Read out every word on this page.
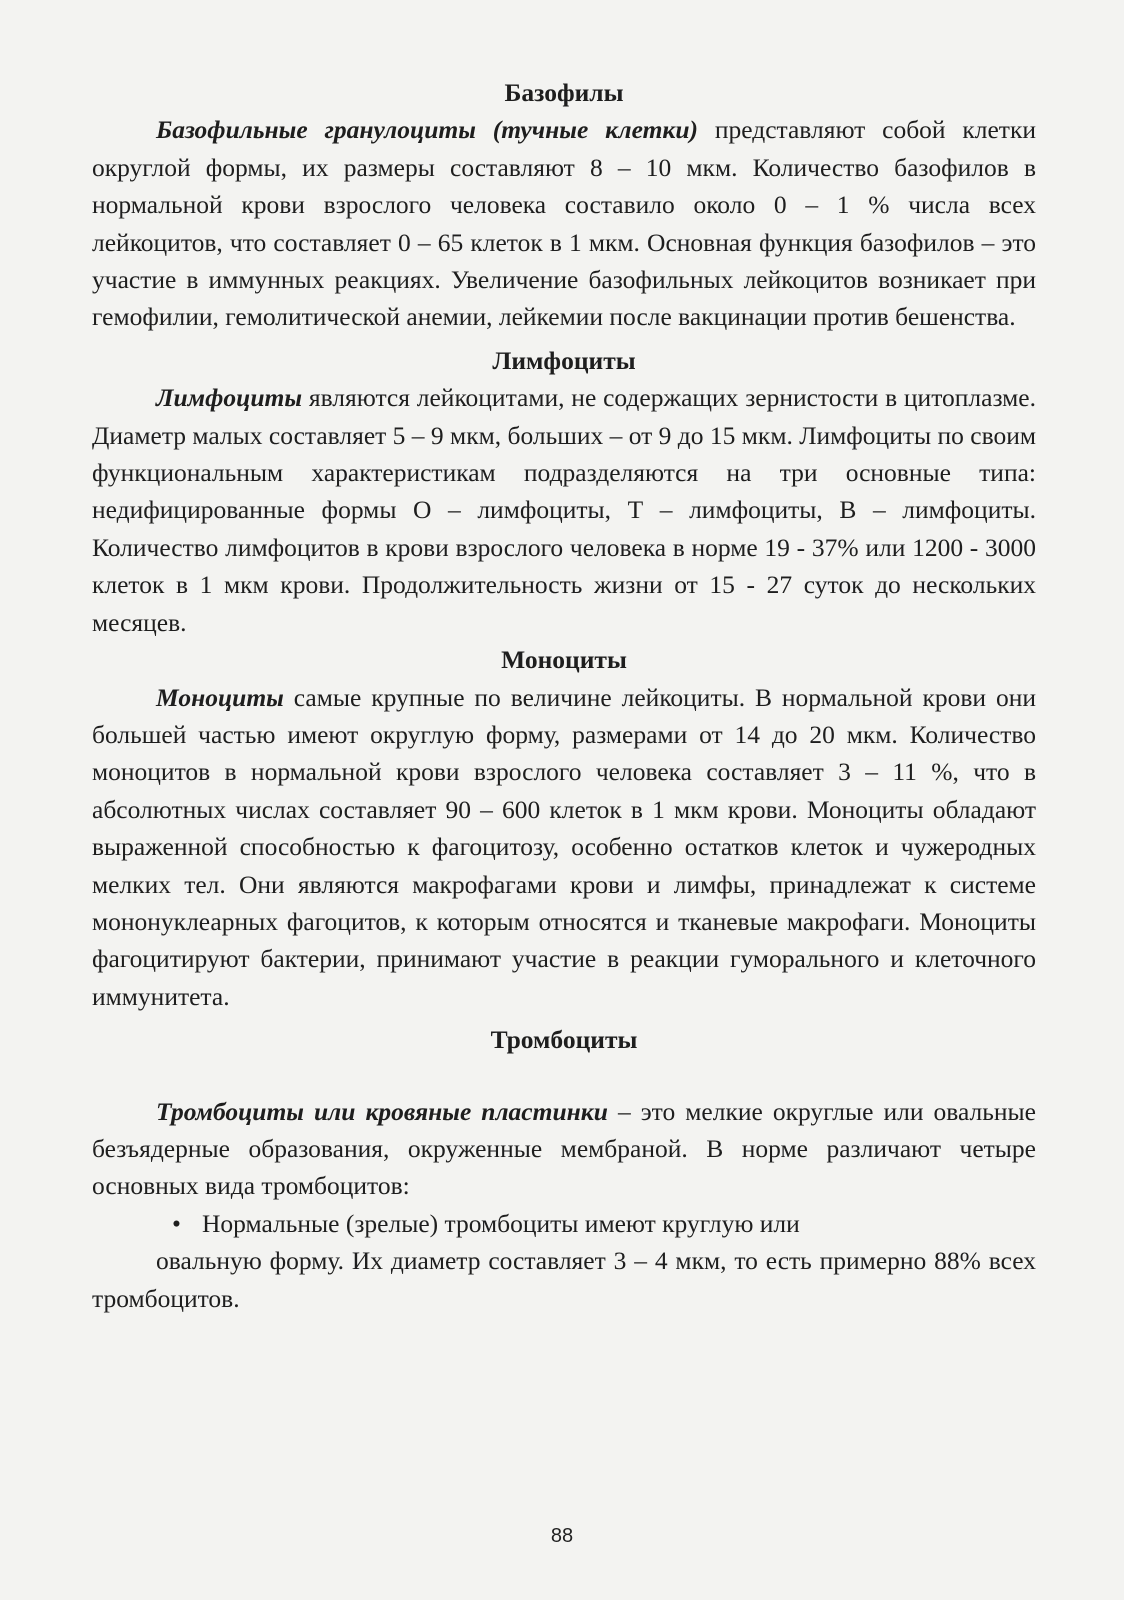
Базофилы

Базофильные гранулоциты (тучные клетки) представляют собой клетки округлой формы, их размеры составляют 8 – 10 мкм. Количество базофилов в нормальной крови взрослого человека составило около 0 – 1 % числа всех лейкоцитов, что составляет 0 – 65 клеток в 1 мкм. Основная функция базофилов – это участие в иммунных реакциях. Увеличение базофильных лейкоцитов возникает при гемофилии, гемолитической анемии, лейкемии после вакцинации против бешенства.

Лимфоциты

Лимфоциты являются лейкоцитами, не содержащих зернистости в цитоплазме. Диаметр малых составляет 5 – 9 мкм, больших – от 9 до 15 мкм. Лимфоциты по своим функциональным характеристикам подразделяются на три основные типа: недифицированные формы О – лимфоциты, Т – лимфоциты, В – лимфоциты. Количество лимфоцитов в крови взрослого человека в норме 19 - 37% или 1200 - 3000 клеток в 1 мкм крови. Продолжительность жизни от 15 - 27 суток до нескольких месяцев.

Моноциты

Моноциты самые крупные по величине лейкоциты. В нормальной крови они большей частью имеют округлую форму, размерами от 14 до 20 мкм. Количество моноцитов в нормальной крови взрослого человека составляет 3 – 11 %, что в абсолютных числах составляет 90 – 600 клеток в 1 мкм крови. Моноциты обладают выраженной способностью к фагоцитозу, особенно остатков клеток и чужеродных мелких тел. Они являются макрофагами крови и лимфы, принадлежат к системе мононуклеарных фагоцитов, к которым относятся и тканевые макрофаги. Моноциты фагоцитируют бактерии, принимают участие в реакции гуморального и клеточного иммунитета.

Тромбоциты

Тромбоциты или кровяные пластинки – это мелкие округлые или овальные безъядерные образования, окруженные мембраной. В норме различают четыре основных вида тромбоцитов:

• Нормальные (зрелые) тромбоциты имеют круглую или

овальную форму. Их диаметр составляет 3 – 4 мкм, то есть примерно 88% всех тромбоцитов.

88
